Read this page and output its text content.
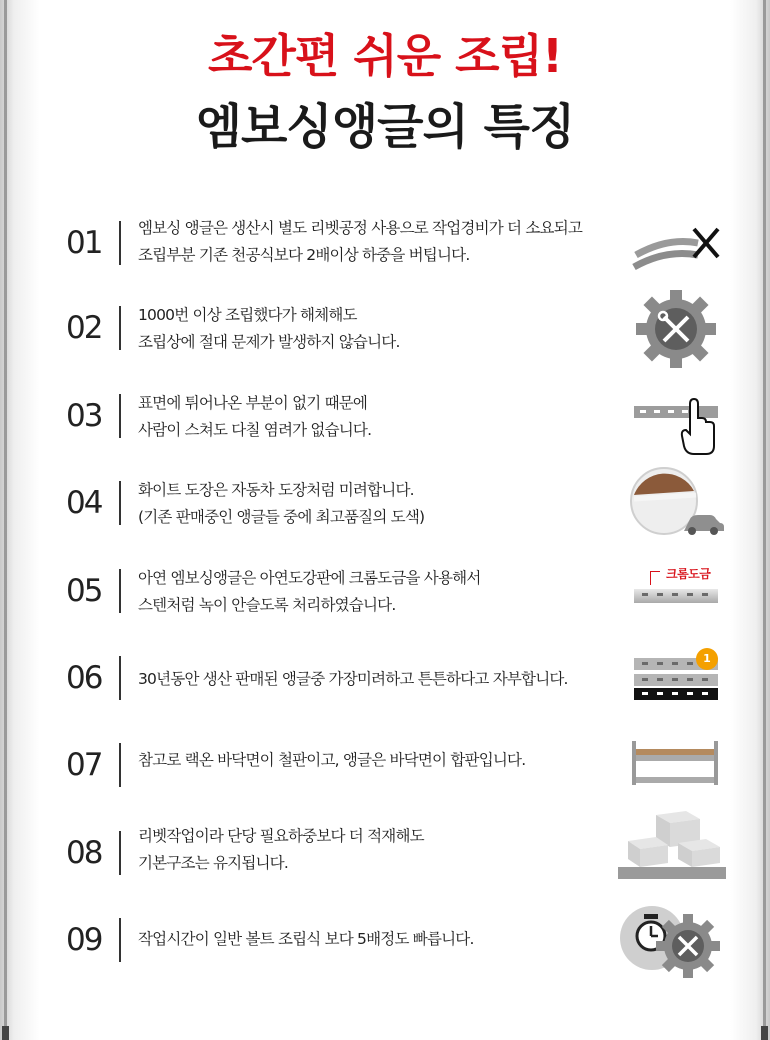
초간편 쉬운 조립!
엠보싱앵글의 특징
01 엠보싱 앵글은 생산시 별도 리벳공정 사용으로 작업경비가 더 소요되고
조립부분 기존 천공식보다 2배이상 하중을 버팁니다.
02 1000번 이상 조립했다가 해체해도
조립상에 절대 문제가 발생하지 않습니다.
03 표면에 튀어나온 부분이 없기 때문에
사람이 스쳐도 다칠 염려가 없습니다.
04 화이트 도장은 자동차 도장처럼 미려합니다.
(기존 판매중인 앵글들 중에 최고품질의 도색)
05 아연 엠보싱앵글은 아연도강판에 크롬도금을 사용해서
스텐처럼 녹이 안슬도록 처리하였습니다.
크롬도금
06 30년동안 생산 판매된 앵글중 가장미려하고 튼튼하다고 자부합니다.
1
07 참고로 랙온 바닥면이 철판이고, 앵글은 바닥면이 합판입니다.
08 리벳작업이라 단당 필요하중보다 더 적재해도
기본구조는 유지됩니다.
09 작업시간이 일반 볼트 조립식 보다 5배정도 빠릅니다.
